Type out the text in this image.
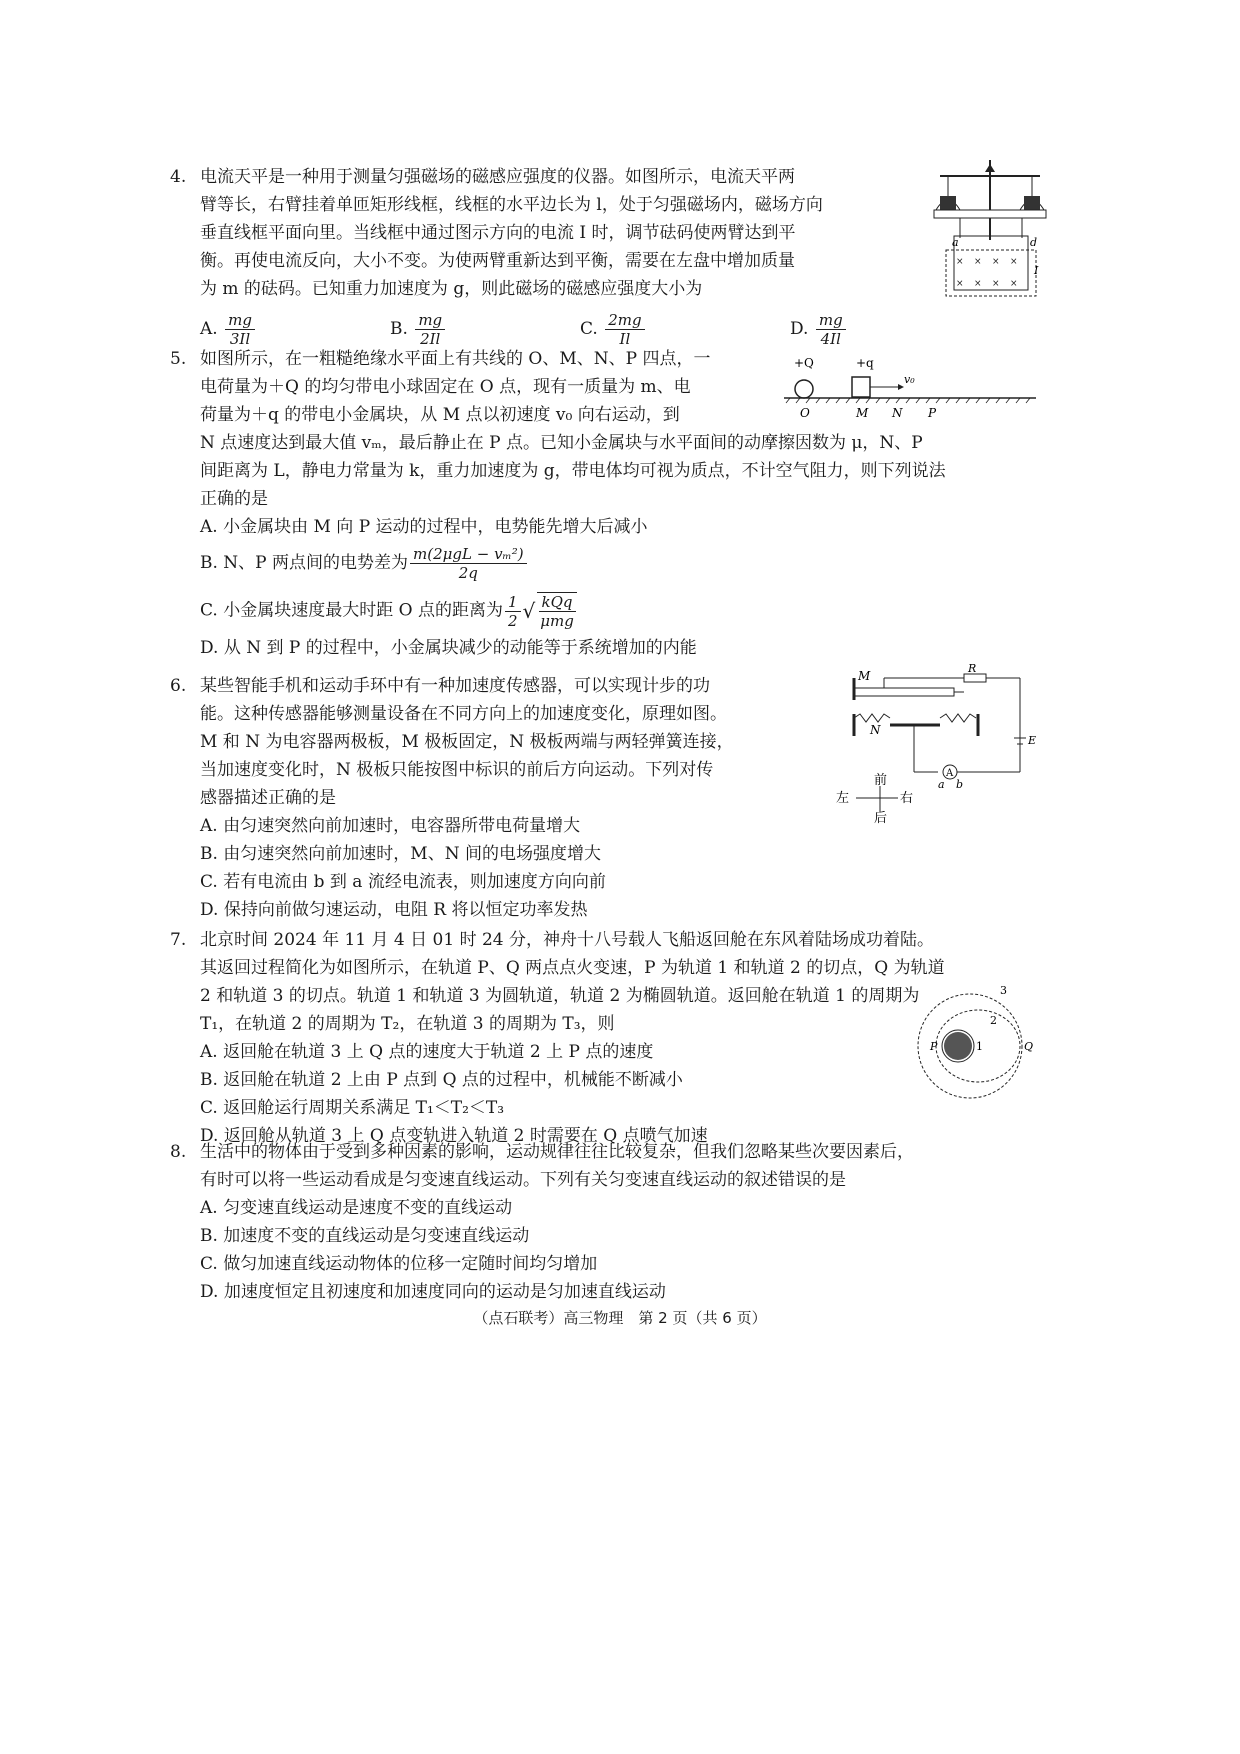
4. 电流天平是一种用于测量匀强磁场的磁感应强度的仪器。如图所示，电流天平两

臂等长，右臂挂着单匝矩形线框，线框的水平边长为 l，处于匀强磁场内，磁场方向

垂直线框平面向里。当线框中通过图示方向的电流 I 时，调节砝码使两臂达到平

衡。再使电流反向，大小不变。为使两臂重新达到平衡，需要在左盘中增加质量

为 m 的砝码。已知重力加速度为 g，则此磁场的磁感应强度大小为

A. $\frac{mg}{3Il}$	B. $\frac{mg}{2Il}$	C. $\frac{2mg}{Il}$	D. $\frac{mg}{4Il}$
a	d
I
× × × ×
× × × ×

5. 如图所示，在一粗糙绝缘水平面上有共线的 O、M、N、P 四点，一

电荷量为＋Q 的均匀带电小球固定在 O 点，现有一质量为 m、电

荷量为＋q 的带电小金属块，从 M 点以初速度 v₀ 向右运动，到

N 点速度达到最大值 vₘ，最后静止在 P 点。已知小金属块与水平面间的动摩擦因数为 μ，N、P

间距离为 L，静电力常量为 k，重力加速度为 g，带电体均可视为质点，不计空气阻力，则下列说法

正确的是

A. 小金属块由 M 向 P 运动的过程中，电势能先增大后减小

B. N、P 两点间的电势差为 $\frac{\text{m(2μgL − vₘ²)}}{2q}$

C. 小金属块速度最大时距 O 点的距离为 $\frac{1}{2}$ √ $\frac{\text{kQq}}{\text{μmg}}$

D. 从 N 到 P 的过程中，小金属块减少的动能等于系统增加的内能

+Q	+q
v₀
O	M N P

6. 某些智能手机和运动手环中有一种加速度传感器，可以实现计步的功

能。这种传感器能够测量设备在不同方向上的加速度变化，原理如图。

M 和 N 为电容器两极板，M 极板固定，N 极板两端与两轻弹簧连接，

当加速度变化时，N 极板只能按图中标识的前后方向运动。下列对传

感器描述正确的是

A. 由匀速突然向前加速时，电容器所带电荷量增大

B. 由匀速突然向前加速时，M、N 间的电场强度增大

C. 若有电流由 b 到 a 流经电流表，则加速度方向向前

D. 保持向前做匀速运动，电阻 R 将以恒定功率发热

M
R
E
N
A
a b
前
左	右
后

7. 北京时间 2024 年 11 月 4 日 01 时 24 分，神舟十八号载人飞船返回舱在东风着陆场成功着陆。

其返回过程简化为如图所示，在轨道 P、Q 两点点火变速，P 为轨道 1 和轨道 2 的切点，Q 为轨道

2 和轨道 3 的切点。轨道 1 和轨道 3 为圆轨道，轨道 2 为椭圆轨道。返回舱在轨道 1 的周期为

T₁，在轨道 2 的周期为 T₂，在轨道 3 的周期为 T₃，则

A. 返回舱在轨道 3 上 Q 点的速度大于轨道 2 上 P 点的速度

B. 返回舱在轨道 2 上由 P 点到 Q 点的过程中，机械能不断减小

C. 返回舱运行周期关系满足 T₁＜T₂＜T₃

D. 返回舱从轨道 3 上 Q 点变轨进入轨道 2 时需要在 Q 点喷气加速

P	Q
1
2
3

8. 生活中的物体由于受到多种因素的影响，运动规律往往比较复杂，但我们忽略某些次要因素后，

有时可以将一些运动看成是匀变速直线运动。下列有关匀变速直线运动的叙述错误的是

A. 匀变速直线运动是速度不变的直线运动

B. 加速度不变的直线运动是匀变速直线运动

C. 做匀加速直线运动物体的位移一定随时间均匀增加

D. 加速度恒定且初速度和加速度同向的运动是匀加速直线运动

（点石联考）高三物理　第 2 页（共 6 页）
